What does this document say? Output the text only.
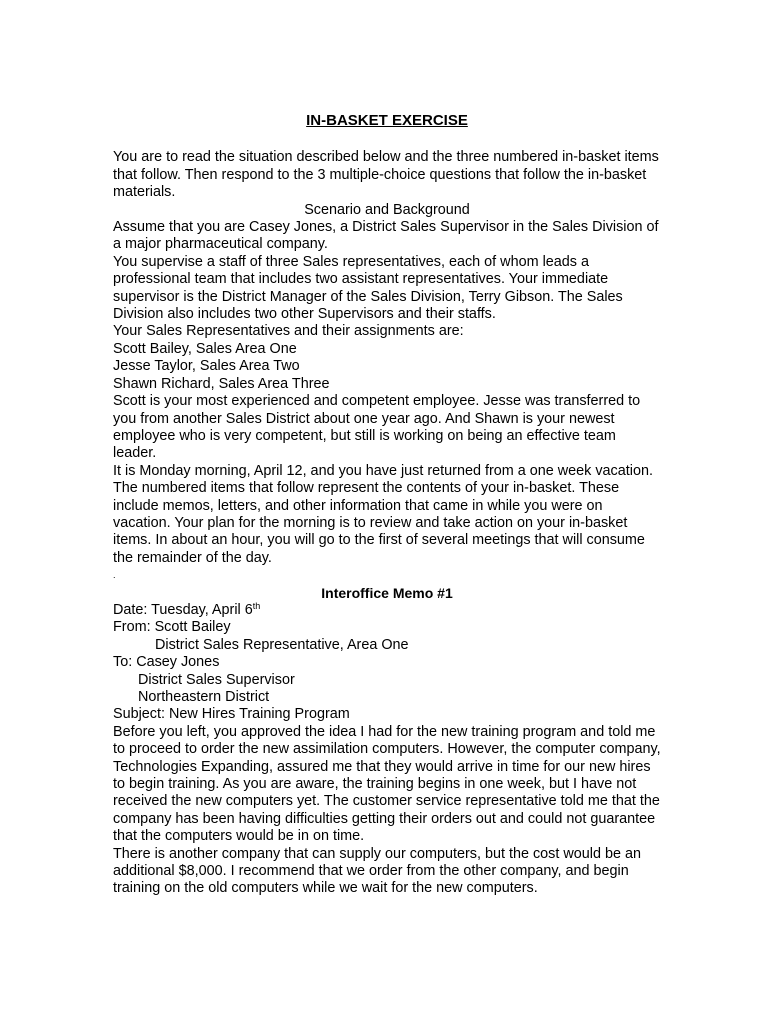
IN-BASKET EXERCISE

You are to read the situation described below and the three numbered in-basket items that follow. Then respond to the 3 multiple-choice questions that follow the in-basket materials.

Scenario and Background

Assume that you are Casey Jones, a District Sales Supervisor in the Sales Division of a major pharmaceutical company.

You supervise a staff of three Sales representatives, each of whom leads a professional team that includes two assistant representatives. Your immediate supervisor is the District Manager of the Sales Division, Terry Gibson. The Sales Division also includes two other Supervisors and their staffs.

Your Sales Representatives and their assignments are:

Scott Bailey, Sales Area One

Jesse Taylor, Sales Area Two

Shawn Richard, Sales Area Three

Scott is your most experienced and competent employee. Jesse was transferred to you from another Sales District about one year ago. And Shawn is your newest employee who is very competent, but still is working on being an effective team leader.

It is Monday morning, April 12, and you have just returned from a one week vacation. The numbered items that follow represent the contents of your in-basket. These include memos, letters, and other information that came in while you were on vacation. Your plan for the morning is to review and take action on your in-basket items. In about an hour, you will go to the first of several meetings that will consume the remainder of the day.

.

Interoffice Memo #1

Date: Tuesday, April 6th

From: Scott Bailey

District Sales Representative, Area One

To: Casey Jones

District Sales Supervisor

Northeastern District

Subject: New Hires Training Program

Before you left, you approved the idea I had for the new training program and told me to proceed to order the new assimilation computers. However, the computer company, Technologies Expanding, assured me that they would arrive in time for our new hires to begin training. As you are aware, the training begins in one week, but I have not received the new computers yet. The customer service representative told me that the company has been having difficulties getting their orders out and could not guarantee that the computers would be in on time.

There is another company that can supply our computers, but the cost would be an additional $8,000. I recommend that we order from the other company, and begin training on the old computers while we wait for the new computers.
